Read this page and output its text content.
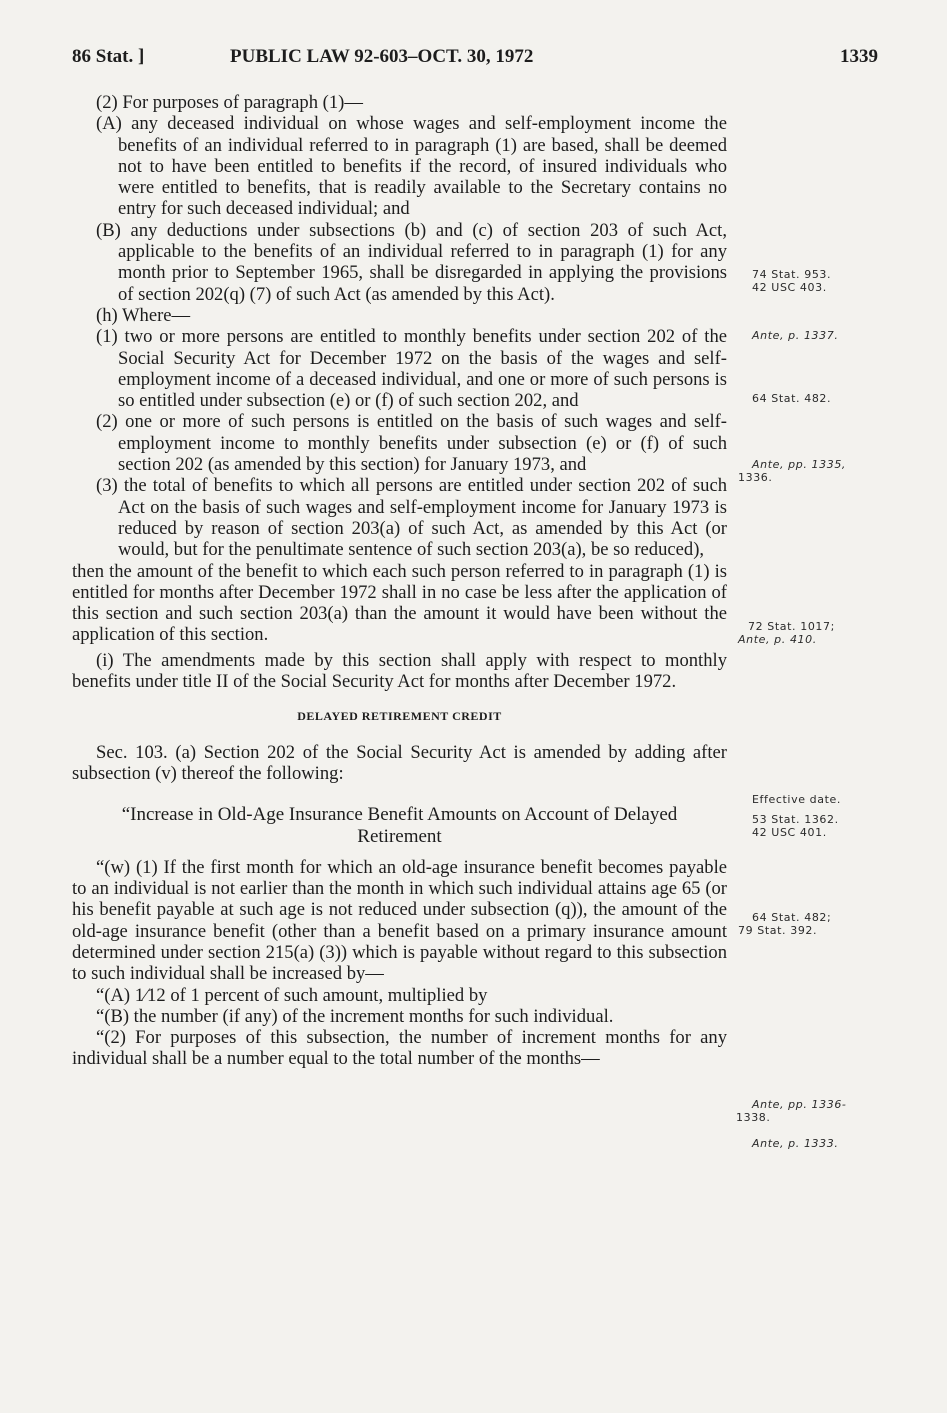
86 Stat. ]	PUBLIC LAW 92-603–OCT. 30, 1972	1339

(2) For purposes of paragraph (1)—

(A) any deceased individual on whose wages and self-employment income the benefits of an individual referred to in paragraph (1) are based, shall be deemed not to have been entitled to benefits if the record, of insured individuals who were entitled to benefits, that is readily available to the Secretary contains no entry for such deceased individual; and

(B) any deductions under subsections (b) and (c) of section 203 of such Act, applicable to the benefits of an individual referred to in paragraph (1) for any month prior to September 1965, shall be disregarded in applying the provisions of section 202(q) (7) of such Act (as amended by this Act).

(h) Where—

(1) two or more persons are entitled to monthly benefits under section 202 of the Social Security Act for December 1972 on the basis of the wages and self-employment income of a deceased individual, and one or more of such persons is so entitled under subsection (e) or (f) of such section 202, and

(2) one or more of such persons is entitled on the basis of such wages and self-employment income to monthly benefits under subsection (e) or (f) of such section 202 (as amended by this section) for January 1973, and

(3) the total of benefits to which all persons are entitled under section 202 of such Act on the basis of such wages and self-employment income for January 1973 is reduced by reason of section 203(a) of such Act, as amended by this Act (or would, but for the penultimate sentence of such section 203(a), be so reduced),

then the amount of the benefit to which each such person referred to in paragraph (1) is entitled for months after December 1972 shall in no case be less after the application of this section and such section 203(a) than the amount it would have been without the application of this section.

(i) The amendments made by this section shall apply with respect to monthly benefits under title II of the Social Security Act for months after December 1972.

DELAYED RETIREMENT CREDIT

Sec. 103. (a) Section 202 of the Social Security Act is amended by adding after subsection (v) thereof the following:

“Increase in Old-Age Insurance Benefit Amounts on Account of Delayed Retirement

“(w) (1) If the first month for which an old-age insurance benefit becomes payable to an individual is not earlier than the month in which such individual attains age 65 (or his benefit payable at such age is not reduced under subsection (q)), the amount of the old-age insurance benefit (other than a benefit based on a primary insurance amount determined under section 215(a) (3)) which is payable without regard to this subsection to such individual shall be increased by—

“(A) 1⁄12 of 1 percent of such amount, multiplied by

“(B) the number (if any) of the increment months for such individual.

“(2) For purposes of this subsection, the number of increment months for any individual shall be a number equal to the total number of the months—

74 Stat. 953.
42 USC 403.
Ante, p. 1337.
64 Stat. 482.
Ante, pp. 1335,
1336.
72 Stat. 1017;
Ante, p. 410.
Effective date.
53 Stat. 1362.
42 USC 401.
64 Stat. 482;
79 Stat. 392.
Ante, pp. 1336-
1338.
Ante, p. 1333.
